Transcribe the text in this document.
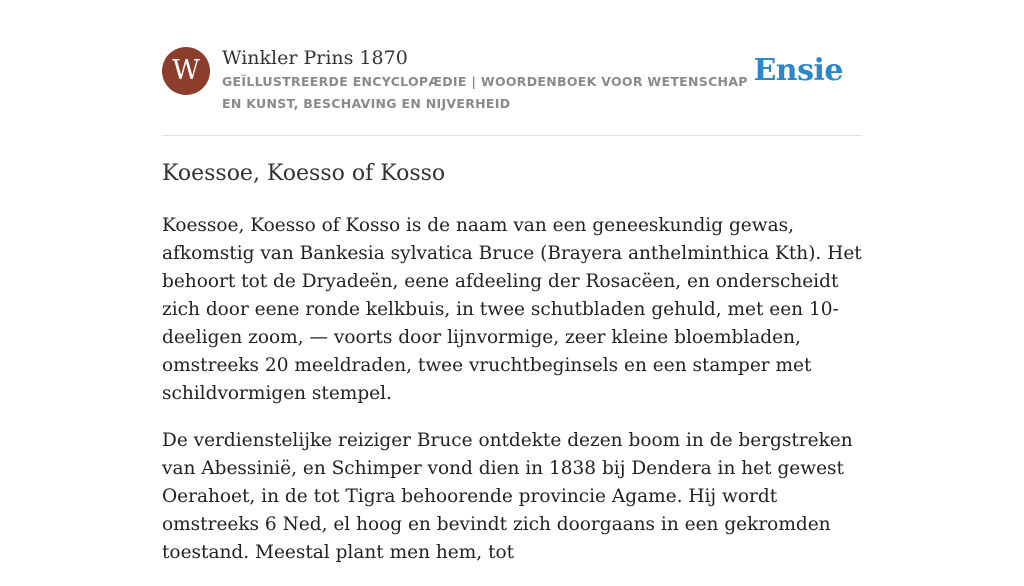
W	Winkler Prins 1870
GEÏLLUSTREERDE ENCYCLOPÆDIE | WOORDENBOEK VOOR WETENSCHAP EN KUNST, BESCHAVING EN NIJVERHEID
Ensie
Koessoe, Koesso of Kosso

Koessoe, Koesso of Kosso is de naam van een geneeskundig gewas, afkomstig van Bankesia sylvatica Bruce (Brayera anthelminthica Kth). Het behoort tot de Dryadeën, eene afdeeling der Rosacëen, en onderscheidt zich door eene ronde kelkbuis, in twee schutbladen gehuld, met een 10-deeligen zoom, — voorts door lijnvormige, zeer kleine bloembladen, omstreeks 20 meeldraden, twee vruchtbeginsels en een stamper met schildvormigen stempel.

De verdienstelijke reiziger Bruce ontdekte dezen boom in de bergstreken van Abessinië, en Schimper vond dien in 1838 bij Dendera in het gewest Oerahoet, in de tot Tigra behoorende provincie Agame. Hij wordt omstreeks 6 Ned, el hoog en bevindt zich doorgaans in een gekromden toestand. Meestal plant men hem, tot
